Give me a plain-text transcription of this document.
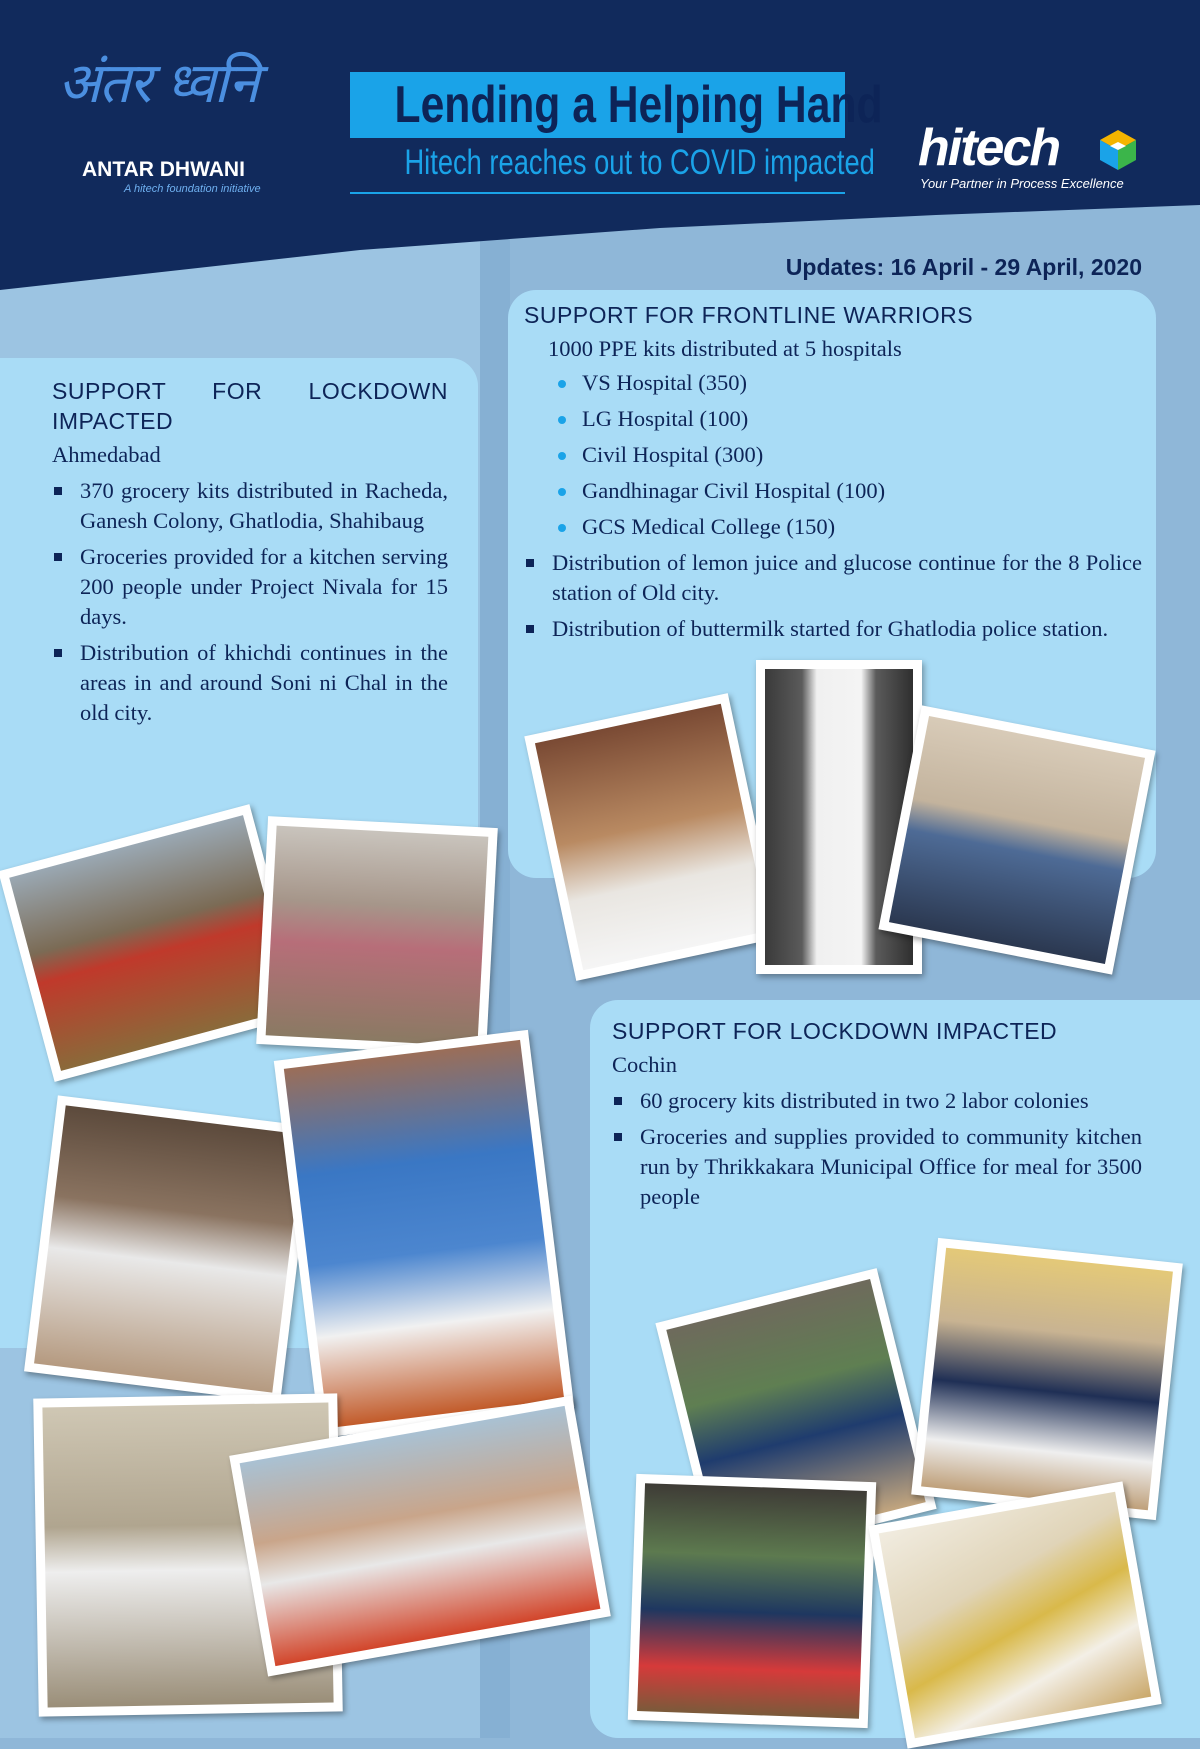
अंतर ध्वनि
ANTAR DHWANI
A hitech foundation initiative
Lending a Helping Hand
Hitech reaches out to COVID impacted hitech
Your Partner in Process Excellence
Updates: 16 April - 29 April, 2020

SUPPORT FOR FRONTLINE WARRIORS

1000 PPE kits distributed at 5 hospitals

VS Hospital (350)
LG Hospital (100)
Civil Hospital (300)
Gandhinagar Civil Hospital (100)
GCS Medical College (150)
Distribution of lemon juice and glucose continue for the 8 Police station of Old city.
Distribution of buttermilk started for Ghatlodia police station.

SUPPORT FOR LOCKDOWN IMPACTED

Ahmedabad

370 grocery kits distributed in Racheda, Ganesh Colony, Ghatlodia, Shahibaug
Groceries provided for a kitchen serving 200 people under Project Nivala for 15 days.
Distribution of khichdi continues in the areas in and around Soni ni Chal in the old city.

SUPPORT FOR LOCKDOWN IMPACTED

Cochin

60 grocery kits distributed in two 2 labor colonies
Groceries and supplies provided to community kitchen run by Thrikkakara Municipal Office for meal for 3500 people
